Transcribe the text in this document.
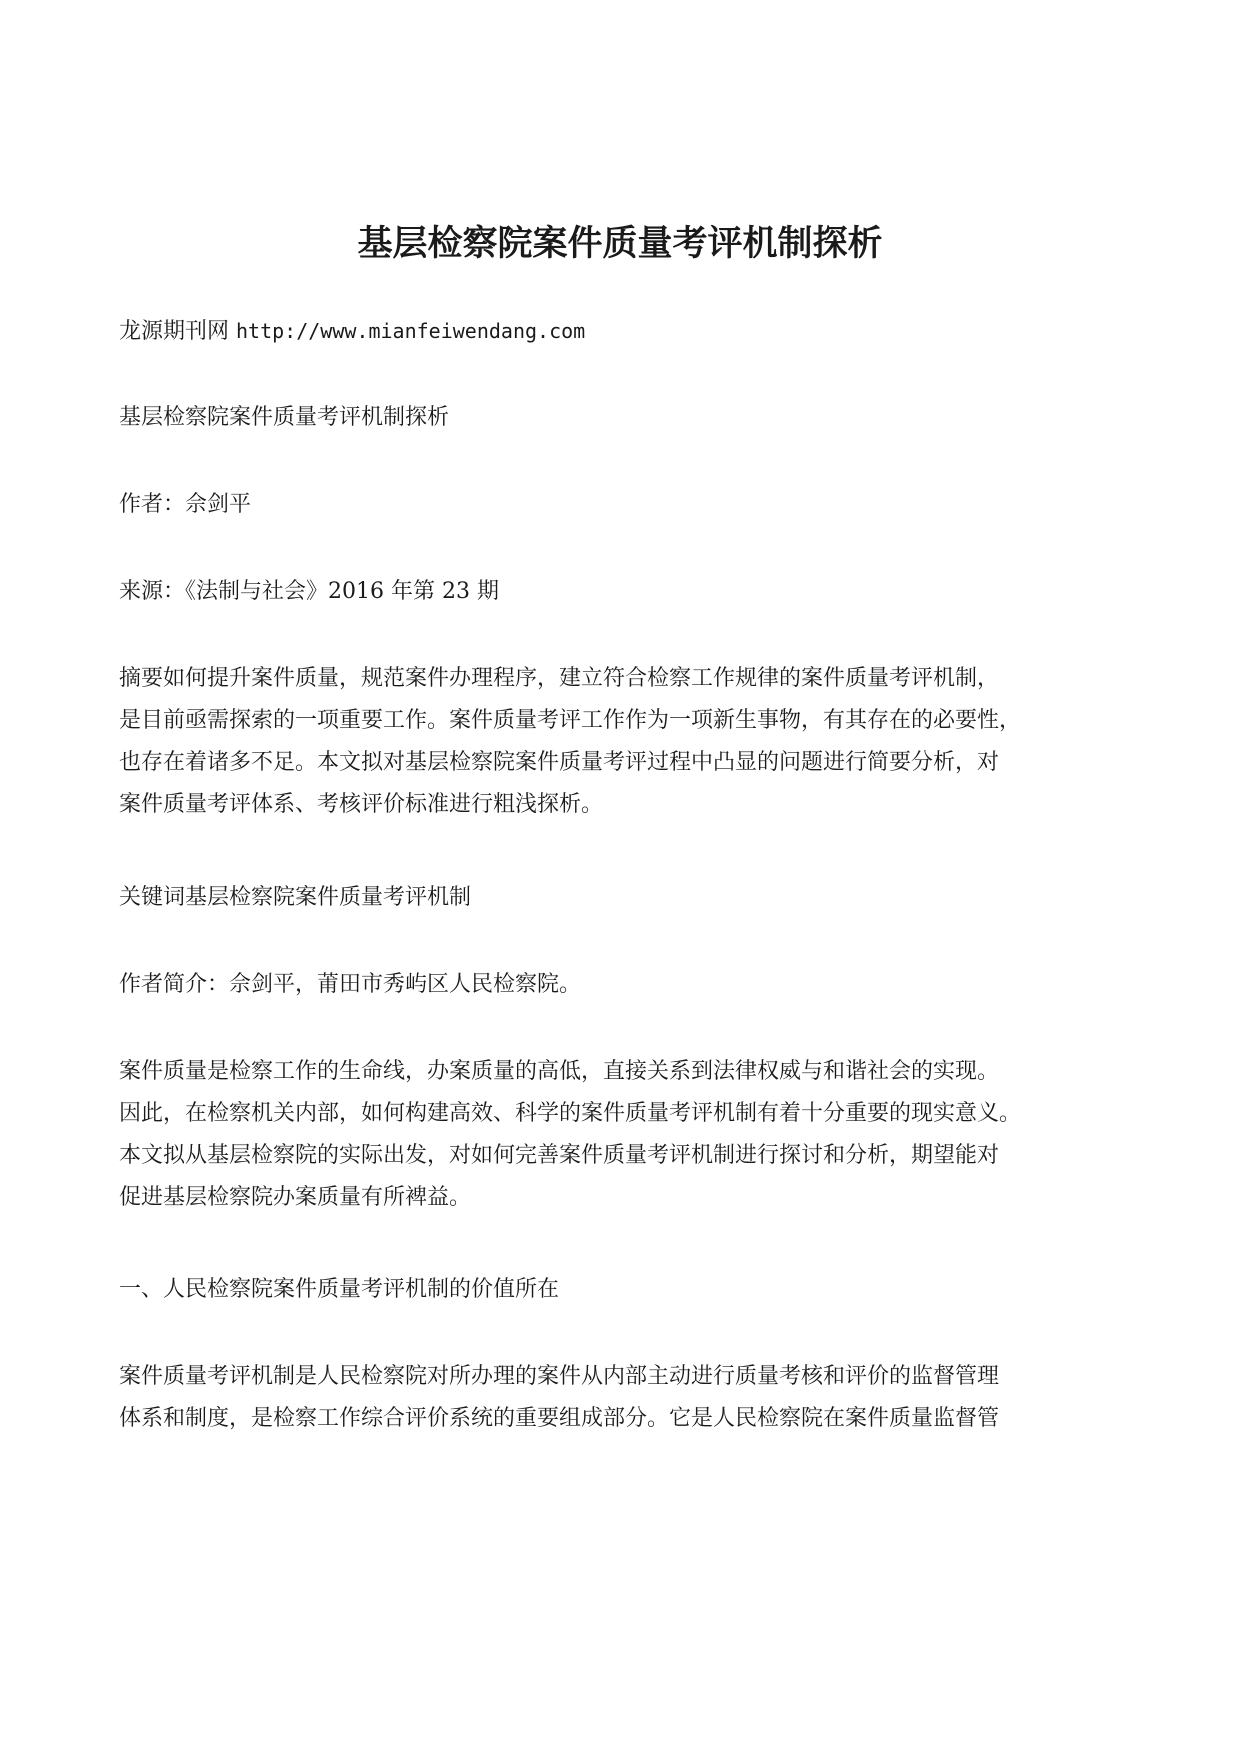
基层检察院案件质量考评机制探析

龙源期刊网 http://www.mianfeiwendang.com

基层检察院案件质量考评机制探析

作者：佘剑平

来源：《法制与社会》2016 年第 23 期

摘要如何提升案件质量，规范案件办理程序，建立符合检察工作规律的案件质量考评机制，
是目前亟需探索的一项重要工作。案件质量考评工作作为一项新生事物，有其存在的必要性，
也存在着诸多不足。本文拟对基层检察院案件质量考评过程中凸显的问题进行简要分析，对
案件质量考评体系、考核评价标准进行粗浅探析。

关键词基层检察院案件质量考评机制

作者简介：佘剑平，莆田市秀屿区人民检察院。

案件质量是检察工作的生命线，办案质量的高低，直接关系到法律权威与和谐社会的实现。
因此，在检察机关内部，如何构建高效、科学的案件质量考评机制有着十分重要的现实意义。
本文拟从基层检察院的实际出发，对如何完善案件质量考评机制进行探讨和分析，期望能对
促进基层检察院办案质量有所裨益。

一、人民检察院案件质量考评机制的价值所在

案件质量考评机制是人民检察院对所办理的案件从内部主动进行质量考核和评价的监督管理
体系和制度，是检察工作综合评价系统的重要组成部分。它是人民检察院在案件质量监督管
